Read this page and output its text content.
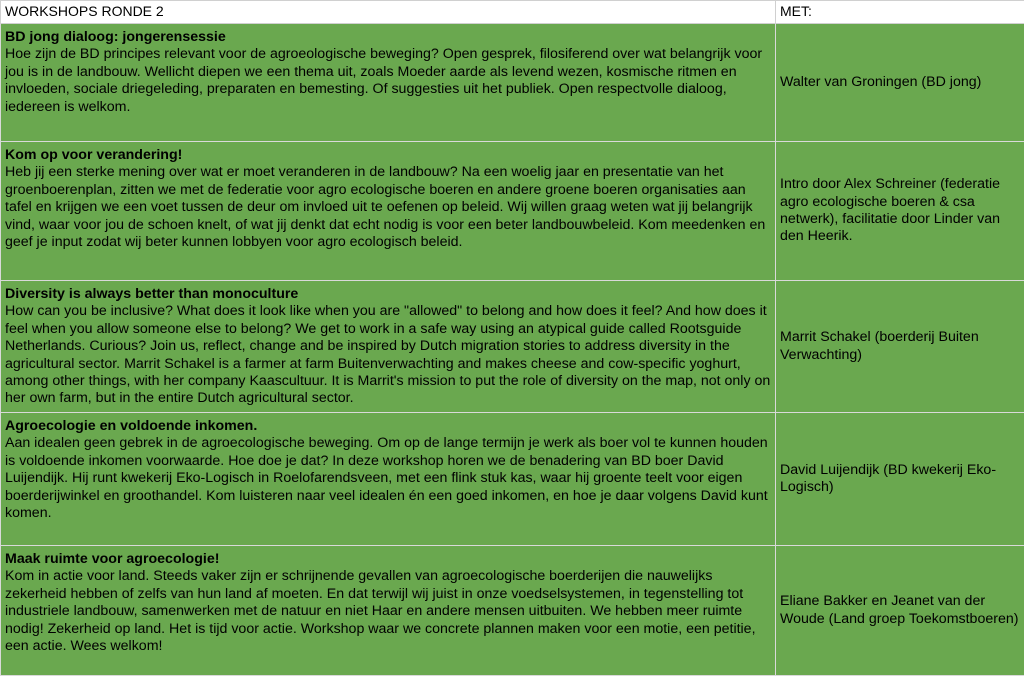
WORKSHOPS RONDE 2	MET:

BD jong dialoog: jongerensessie
Hoe zijn de BD principes relevant voor de agroeologische beweging? Open gesprek, filosiferend over wat belangrijk voor jou is in de landbouw. Wellicht diepen we een thema uit, zoals Moeder aarde als levend wezen, kosmische ritmen en invloeden, sociale driegeleding, preparaten en bemesting. Of suggesties uit het publiek. Open respectvolle dialoog, iedereen is welkom.	Walter van Groningen (BD jong)

Kom op voor verandering!
Heb jij een sterke mening over wat er moet veranderen in de landbouw? Na een woelig jaar en presentatie van het groenboerenplan, zitten we met de federatie voor agro ecologische boeren en andere groene boeren organisaties aan tafel en krijgen we een voet tussen de deur om invloed uit te oefenen op beleid. Wij willen graag weten wat jij belangrijk vind, waar voor jou de schoen knelt, of wat jij denkt dat echt nodig is voor een beter landbouwbeleid. Kom meedenken en geef je input zodat wij beter kunnen lobbyen voor agro ecologisch beleid.	Intro door Alex Schreiner (federatie agro ecologische boeren & csa netwerk), facilitatie door Linder van den Heerik.

Diversity is always better than monoculture
How can you be inclusive? What does it look like when you are "allowed" to belong and how does it feel? And how does it feel when you allow someone else to belong? We get to work in a safe way using an atypical guide called Rootsguide Netherlands. Curious? Join us, reflect, change and be inspired by Dutch migration stories to address diversity in the agricultural sector. Marrit Schakel is a farmer at farm Buitenverwachting and makes cheese and cow-specific yoghurt, among other things, with her company Kaascultuur. It is Marrit's mission to put the role of diversity on the map, not only on her own farm, but in the entire Dutch agricultural sector.	Marrit Schakel (boerderij Buiten Verwachting)

Agroecologie en voldoende inkomen.
Aan idealen geen gebrek in de agroecologische beweging. Om op de lange termijn je werk als boer vol te kunnen houden is voldoende inkomen voorwaarde. Hoe doe je dat? In deze workshop horen we de benadering van BD boer David Luijendijk. Hij runt kwekerij Eko-Logisch in Roelofarendsveen, met een flink stuk kas, waar hij groente teelt voor eigen boerderijwinkel en groothandel. Kom luisteren naar veel idealen én een goed inkomen, en hoe je daar volgens David kunt komen.	David Luijendijk (BD kwekerij Eko-Logisch)

Maak ruimte voor agroecologie!
Kom in actie voor land. Steeds vaker zijn er schrijnende gevallen van agroecologische boerderijen die nauwelijks zekerheid hebben of zelfs van hun land af moeten. En dat terwijl wij juist in onze voedselsystemen, in tegenstelling tot industriele landbouw, samenwerken met de natuur en niet Haar en andere mensen uitbuiten. We hebben meer ruimte nodig! Zekerheid op land. Het is tijd voor actie. Workshop waar we concrete plannen maken voor een motie, een petitie, een actie. Wees welkom!	Eliane Bakker en Jeanet van der Woude (Land groep Toekomstboeren)
